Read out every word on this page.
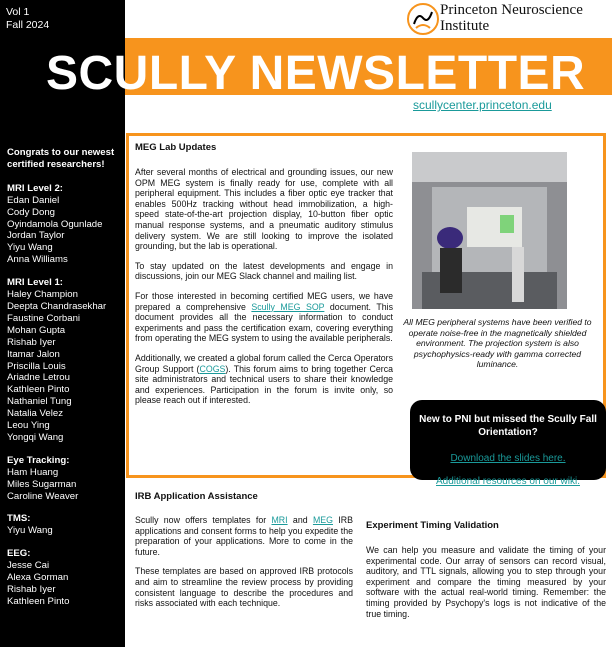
Vol 1
Fall 2024
Princeton Neuroscience Institute
SCULLY NEWSLETTER
scullycenter.princeton.edu
Congrats to our newest certified researchers!
MRI Level 2:
Edan Daniel
Cody Dong
Oyindamola Ogunlade
Jordan Taylor
Yiyu Wang
Anna Williams
MRI Level 1:
Haley Champion
Deepta Chandrasekhar
Faustine Corbani
Mohan Gupta
Rishab Iyer
Itamar Jalon
Priscilla Louis
Ariadne Letrou
Kathleen Pinto
Nathaniel Tung
Natalia Velez
Leou Ying
Yongqi Wang
Eye Tracking:
Ham Huang
Miles Sugarman
Caroline Weaver
TMS:
Yiyu Wang
EEG:
Jesse Cai
Alexa Gorman
Rishab Iyer
Kathleen Pinto
MEG Lab Updates

After several months of electrical and grounding issues, our new OPM MEG system is finally ready for use, complete with all peripheral equipment. This includes a fiber optic eye tracker that enables 500Hz tracking without head immobilization, a high-speed state-of-the-art projection display, 10-button fiber optic manual response systems, and a pneumatic auditory stimulus delivery system. We are still looking to improve the isolated grounding, but the lab is operational.

To stay updated on the latest developments and engage in discussions, join our MEG Slack channel and mailing list.

For those interested in becoming certified MEG users, we have prepared a comprehensive Scully MEG SOP document. This document provides all the necessary information to conduct experiments and pass the certification exam, covering everything from operating the MEG system to using the available peripherals.

Additionally, we created a global forum called the Cerca Operators Group Support (COGS). This forum aims to bring together Cerca site administrators and technical users to share their knowledge and experiences. Participation in the forum is invite only, so please reach out if interested.

All MEG peripheral systems have been verified to operate noise-free in the magnetically shielded environment. The projection system is also psychophysics-ready with gamma corrected luminance.
New to PNI but missed the Scully Fall Orientation?
Download the slides here.
Additional resources on our wiki.
IRB Application Assistance

Scully now offers templates for MRI and MEG IRB applications and consent forms to help you expedite the preparation of your applications. More to come in the future.

These templates are based on approved IRB protocols and aim to streamline the review process by providing consistent language to describe the procedures and risks associated with each technique.

Experiment Timing Validation

We can help you measure and validate the timing of your experimental code. Our array of sensors can record visual, auditory, and TTL signals, allowing you to step through your experiment and compare the timing measured by your software with the actual real-world timing. Remember: the timing provided by Psychopy's logs is not indicative of the true timing.
